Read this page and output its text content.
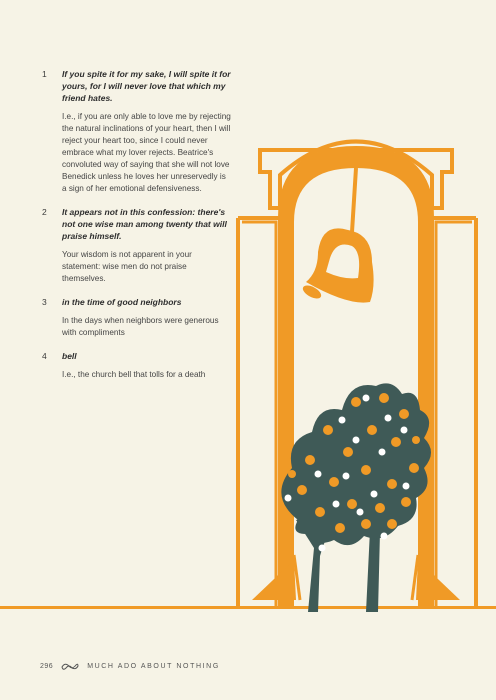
1 If you spite it for my sake, I will spite it for yours, for I will never love that which my friend hates.

I.e., if you are only able to love me by rejecting the natural inclinations of your heart, then I will reject your heart too, since I could never embrace what my lover rejects. Beatrice's convoluted way of saying that she will not love Benedick unless he loves her unreservedly is a sign of her emotional defensiveness.

2 It appears not in this confession: there's not one wise man among twenty that will praise himself.

Your wisdom is not apparent in your statement: wise men do not praise themselves.

3 in the time of good neighbors

In the days when neighbors were generous with compliments

4 bell

I.e., the church bell that tolls for a death

296	MUCH ADO ABOUT NOTHING
